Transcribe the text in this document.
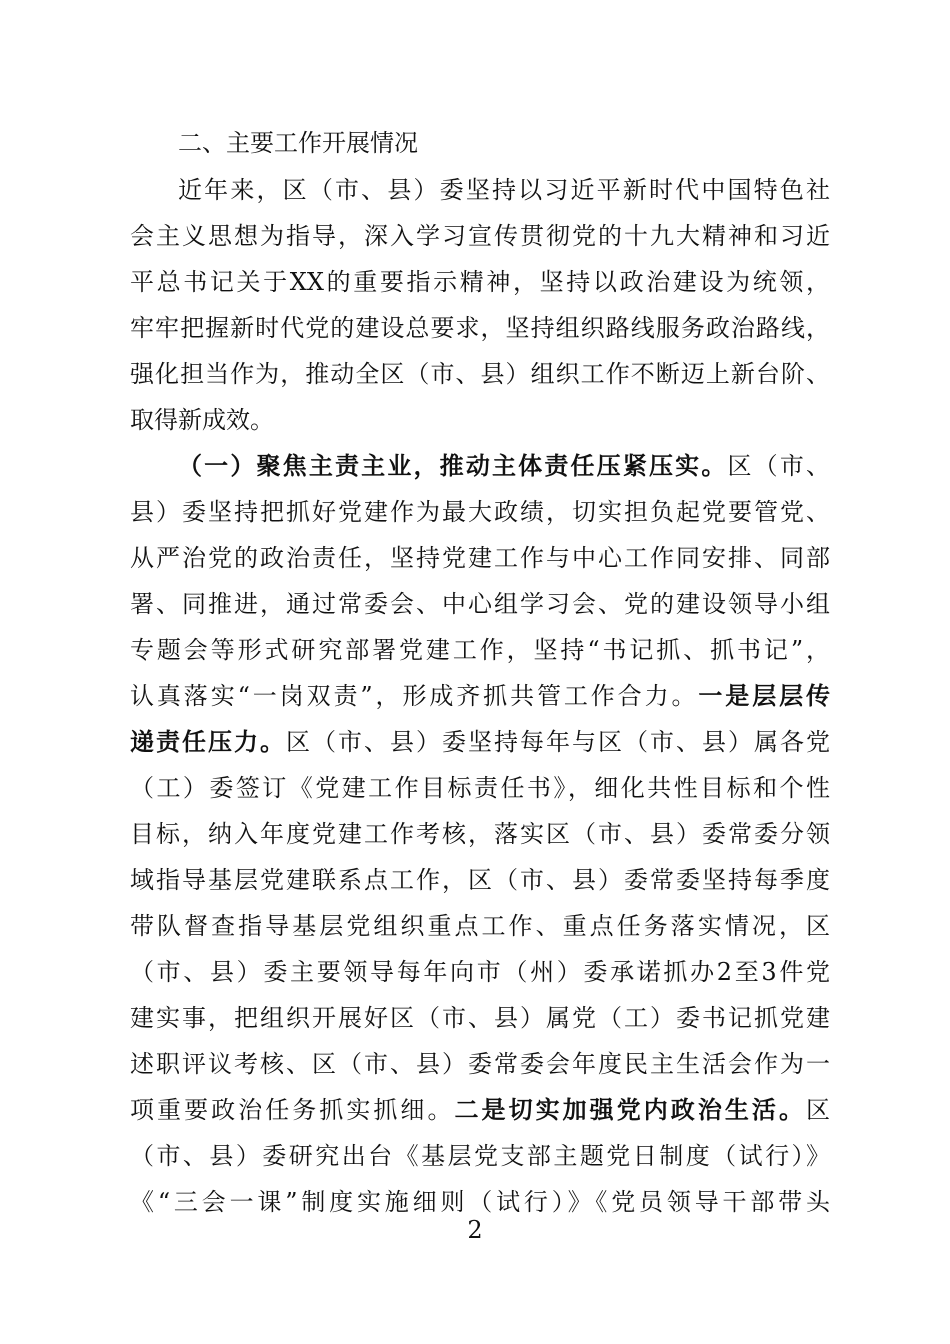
二、主要工作开展情况
近年来，区（市、县）委坚持以习近平新时代中国特色社
会主义思想为指导，深入学习宣传贯彻党的十九大精神和习近
平总书记关于XX的重要指示精神，坚持以政治建设为统领，
牢牢把握新时代党的建设总要求，坚持组织路线服务政治路线，
强化担当作为，推动全区（市、县）组织工作不断迈上新台阶、
取得新成效。
（一）聚焦主责主业，推动主体责任压紧压实。区（市、
县）委坚持把抓好党建作为最大政绩，切实担负起党要管党、
从严治党的政治责任，坚持党建工作与中心工作同安排、同部
署、同推进，通过常委会、中心组学习会、党的建设领导小组
专题会等形式研究部署党建工作，坚持“书记抓、抓书记”，
认真落实“一岗双责”，形成齐抓共管工作合力。一是层层传
递责任压力。区（市、县）委坚持每年与区（市、县）属各党
（工）委签订《党建工作目标责任书》，细化共性目标和个性
目标，纳入年度党建工作考核，落实区（市、县）委常委分领
域指导基层党建联系点工作，区（市、县）委常委坚持每季度
带队督查指导基层党组织重点工作、重点任务落实情况，区
（市、县）委主要领导每年向市（州）委承诺抓办2至3件党
建实事，把组织开展好区（市、县）属党（工）委书记抓党建
述职评议考核、区（市、县）委常委会年度民主生活会作为一
项重要政治任务抓实抓细。二是切实加强党内政治生活。区
（市、县）委研究出台《基层党支部主题党日制度（试行）》
《“三会一课”制度实施细则（试行）》《党员领导干部带头
2
